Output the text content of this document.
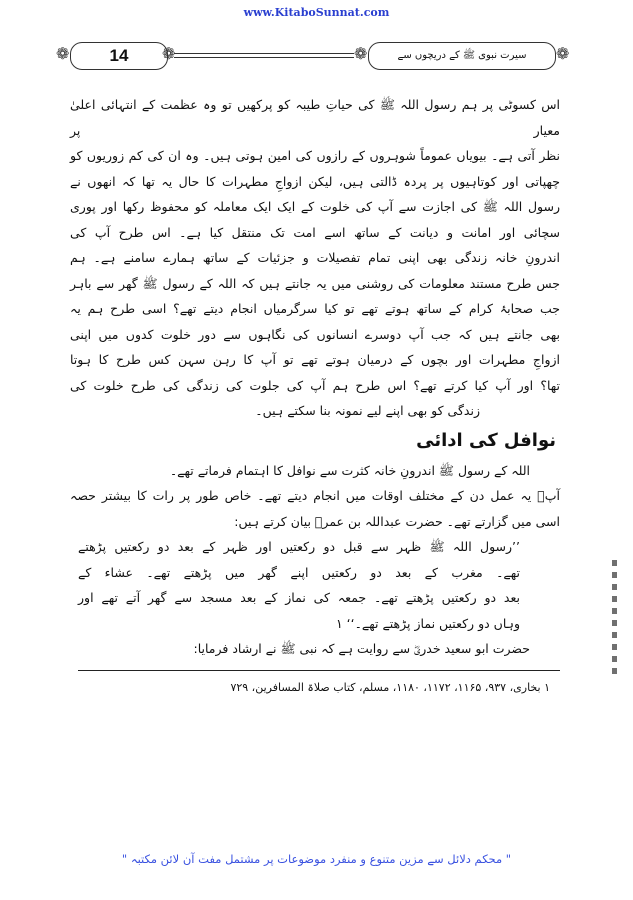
www.KitaboSunnat.com
❁	14	❁	❁	سیرت نبوی ﷺ کے دریچوں سے	❁
اس کسوٹی پر ہم رسول اللہ ﷺ کی حیاتِ طیبہ کو پرکھیں تو وہ عظمت کے انتہائی اعلیٰ معیار پر
نظر آتی ہے۔ بیویاں عموماً شوہروں کے رازوں کی امین ہوتی ہیں۔ وہ ان کی کم زوریوں کو
چھپاتی اور کوتاہیوں پر پردہ ڈالتی ہیں، لیکن ازواجِ مطہرات کا حال یہ تھا کہ انھوں نے
رسول اللہ ﷺ کی اجازت سے آپ کی خلوت کے ایک ایک معاملہ کو محفوظ رکھا اور پوری
سچائی اور امانت و دیانت کے ساتھ اسے امت تک منتقل کیا ہے۔ اس طرح آپ کی
اندرونِ خانہ زندگی بھی اپنی تمام تفصیلات و جزئیات کے ساتھ ہمارے سامنے ہے۔ ہم
جس طرح مستند معلومات کی روشنی میں یہ جانتے ہیں کہ اللہ کے رسول ﷺ گھر سے باہر
جب صحابۂ کرام کے ساتھ ہوتے تھے تو کیا سرگرمیاں انجام دیتے تھے؟ اسی طرح ہم یہ
بھی جانتے ہیں کہ جب آپ دوسرے انسانوں کی نگاہوں سے دور خلوت کدوں میں اپنی
ازواجِ مطہرات اور بچوں کے درمیان ہوتے تھے تو آپ کا رہن سہن کس طرح کا ہوتا
تھا؟ اور آپ کیا کرتے تھے؟ اس طرح ہم آپ کی جلوت کی زندگی کی طرح خلوت کی
زندگی کو بھی اپنے لیے نمونہ بنا سکتے ہیں۔
نوافل کی ادائی
اللہ کے رسول ﷺ اندرونِ خانہ کثرت سے نوافل کا اہتمام فرماتے تھے۔
آپؐ یہ عمل دن کے مختلف اوقات میں انجام دیتے تھے۔ خاص طور پر رات کا بیشتر حصہ
اسی میں گزارتے تھے۔ حضرت عبداللہ بن عمرؓ بیان کرتے ہیں:
’’رسول اللہ ﷺ ظہر سے قبل دو رکعتیں اور ظہر کے بعد دو رکعتیں پڑھتے
تھے۔ مغرب کے بعد دو رکعتیں اپنے گھر میں پڑھتے تھے۔ عشاء کے
بعد دو رکعتیں پڑھتے تھے۔ جمعہ کی نماز کے بعد مسجد سے گھر آتے تھے اور
وہاں دو رکعتیں نماز پڑھتے تھے۔‘‘ ۱
حضرت ابو سعید خدریؓ سے روایت ہے کہ نبی ﷺ نے ارشاد فرمایا:
۱ بخاری، ۹۳۷، ۱۱۶۵، ۱۱۷۲، ۱۱۸۰، مسلم، کتاب صلاۃ المسافرین، ۷۲۹
" محکم دلائل سے مزین متنوع و منفرد موضوعات پر مشتمل مفت آن لائن مکتبہ "
